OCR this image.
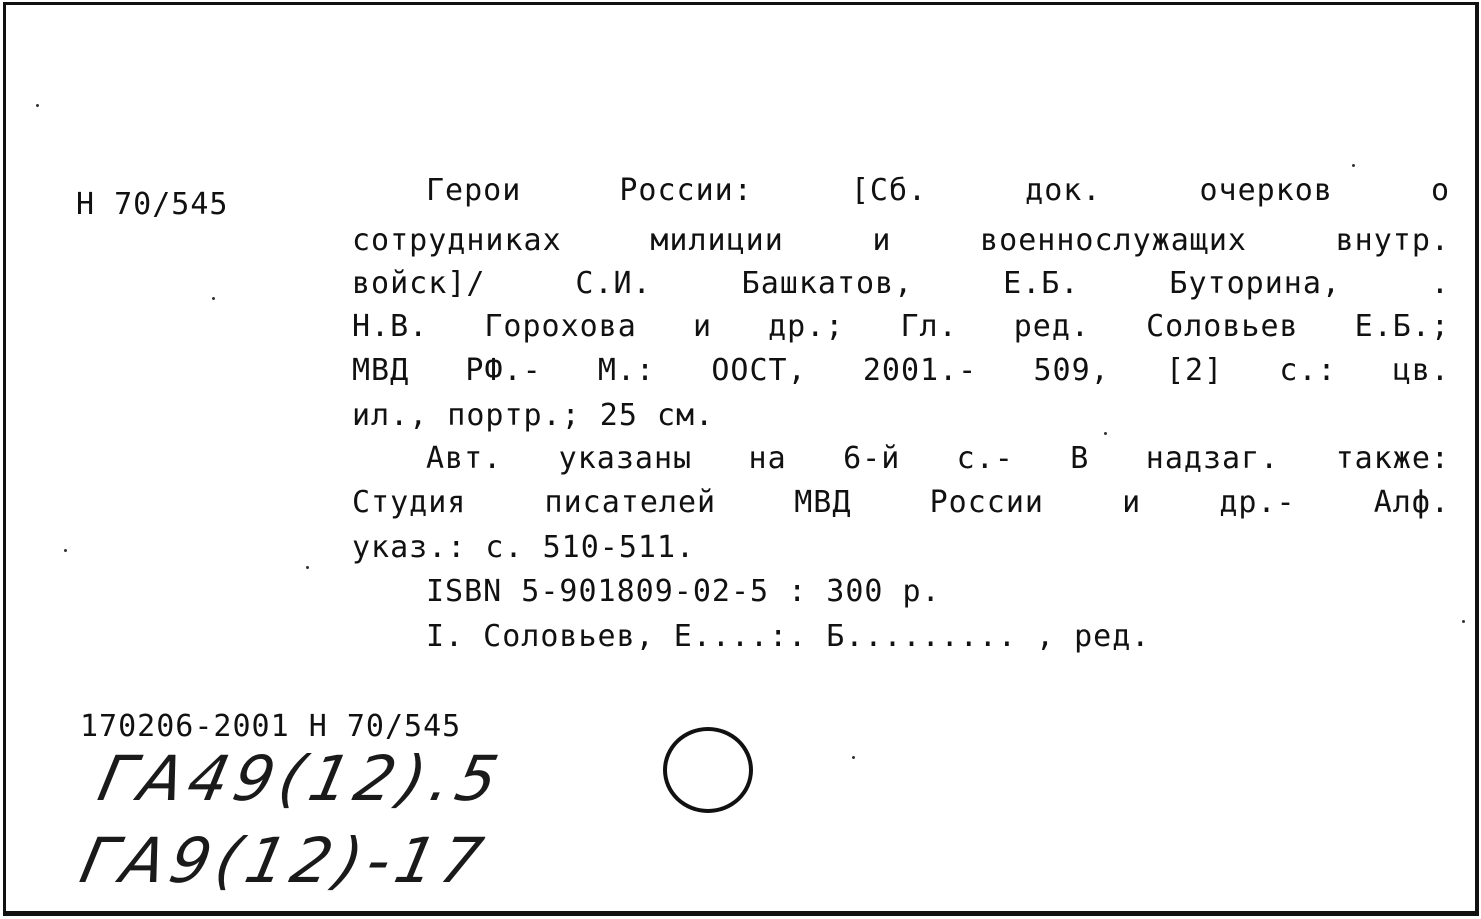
Н 70/545	Герои России: [Сб. док. очерков о
сотрудниках милиции и военнослужащих внутр.
войск]/ С.И. Башкатов, Е.Б. Буторина, .
Н.В. Горохова и др.; Гл. ред. Соловьев Е.Б.;
МВД РФ.- М.: ООСТ, 2001.- 509, [2] с.: цв.
ил., портр.; 25 см.
Авт. указаны на 6-й с.- В надзаг. также:
Студия писателей МВД России и др.- Алф.
указ.: с. 510-511.
ISBN 5-901809-02-5 : 300 р.
I. Соловьев, Е....:. Б......... , ред.
170206-2001 Н 70/545
ГА49(12).5
ГА9(12)-17
